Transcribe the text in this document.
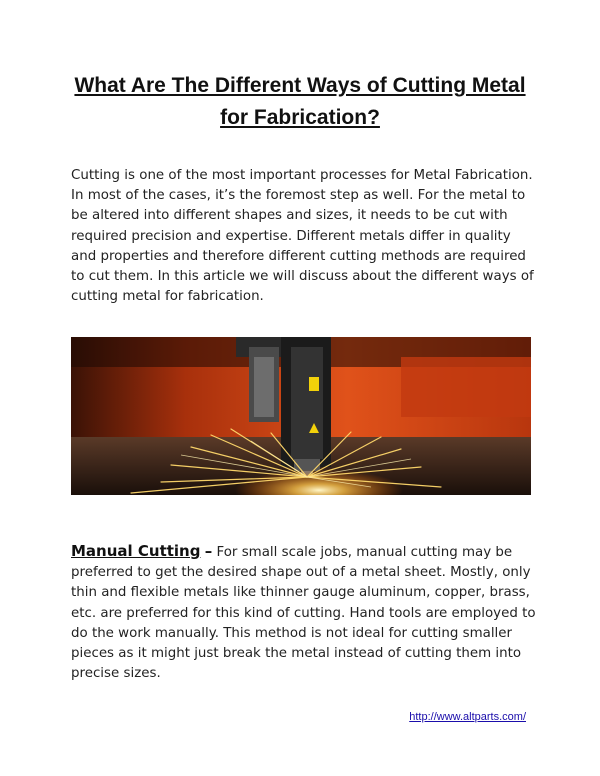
What Are The Different Ways of Cutting Metal for Fabrication?

Cutting is one of the most important processes for Metal Fabrication. In most of the cases, it’s the foremost step as well. For the metal to be altered into different shapes and sizes, it needs to be cut with required precision and expertise. Different metals differ in quality and properties and therefore different cutting methods are required to cut them. In this article we will discuss about the different ways of cutting metal for fabrication.

Manual Cutting – For small scale jobs, manual cutting may be preferred to get the desired shape out of a metal sheet. Mostly, only thin and flexible metals like thinner gauge aluminum, copper, brass, etc. are preferred for this kind of cutting. Hand tools are employed to do the work manually. This method is not ideal for cutting smaller pieces as it might just break the metal instead of cutting them into precise sizes.

http://www.altparts.com/
